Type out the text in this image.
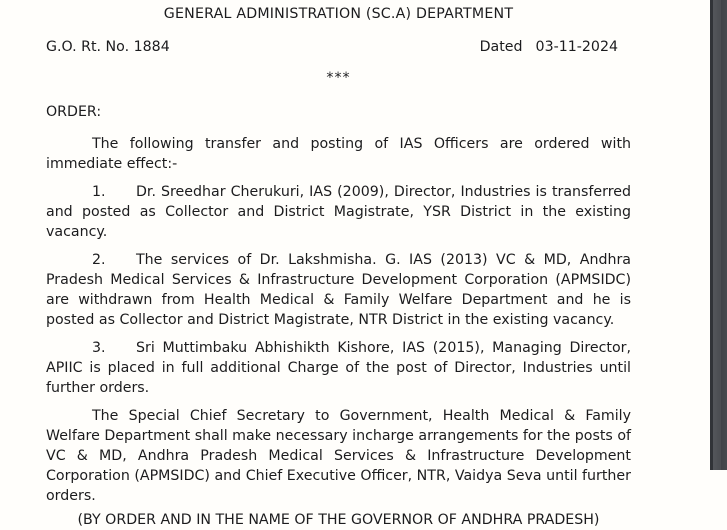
GENERAL ADMINISTRATION (SC.A) DEPARTMENT
G.O. Rt. No. 1884	Dated 03-11-2024
***
ORDER:

The following transfer and posting of IAS Officers are ordered with immediate effect:-

1. Dr. Sreedhar Cherukuri, IAS (2009), Director, Industries is transferred and posted as Collector and District Magistrate, YSR District in the existing vacancy.

2. The services of Dr. Lakshmisha. G. IAS (2013) VC & MD, Andhra Pradesh Medical Services & Infrastructure Development Corporation (APMSIDC) are withdrawn from Health Medical & Family Welfare Department and he is posted as Collector and District Magistrate, NTR District in the existing vacancy.

3. Sri Muttimbaku Abhishikth Kishore, IAS (2015), Managing Director, APIIC is placed in full additional Charge of the post of Director, Industries until further orders.

The Special Chief Secretary to Government, Health Medical & Family Welfare Department shall make necessary incharge arrangements for the posts of VC & MD, Andhra Pradesh Medical Services & Infrastructure Development Corporation (APMSIDC) and Chief Executive Officer, NTR, Vaidya Seva until further orders.

(BY ORDER AND IN THE NAME OF THE GOVERNOR OF ANDHRA PRADESH)
